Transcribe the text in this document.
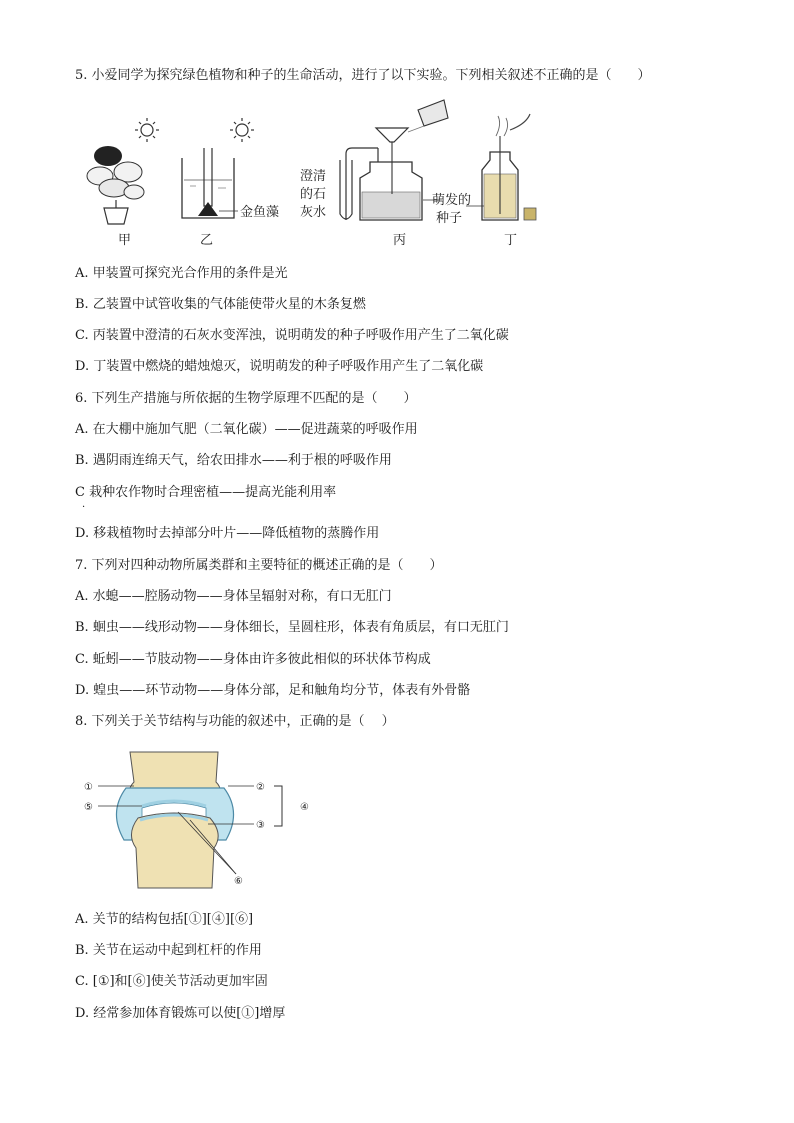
5. 小爱同学为探究绿色植物和种子的生命活动，进行了以下实验。下列相关叙述不正确的是（　　）
金鱼藻
澄清
的石
灰水
萌发的
种子
甲	乙	丙	丁
A. 甲装置可探究光合作用的条件是光
B. 乙装置中试管收集的气体能使带火星的木条复燃
C. 丙装置中澄清的石灰水变浑浊，说明萌发的种子呼吸作用产生了二氧化碳
D. 丁装置中燃烧的蜡烛熄灭，说明萌发的种子呼吸作用产生了二氧化碳
6. 下列生产措施与所依据的生物学原理不匹配的是（　　）
A. 在大棚中施加气肥（二氧化碳）——促进蔬菜的呼吸作用
B. 遇阴雨连绵天气，给农田排水——利于根的呼吸作用
C 栽种农作物时合理密植——提高光能利用率
·
D. 移栽植物时去掉部分叶片——降低植物的蒸腾作用
7. 下列对四种动物所属类群和主要特征的概述正确的是（　　）
A. 水螅——腔肠动物——身体呈辐射对称，有口无肛门
B. 蛔虫——线形动物——身体细长，呈圆柱形，体表有角质层，有口无肛门
C. 蚯蚓——节肢动物——身体由许多彼此相似的环状体节构成
D. 蝗虫——环节动物——身体分部，足和触角均分节，体表有外骨骼
8. 下列关于关节结构与功能的叙述中，正确的是（　 ）
①	②
③
④
⑤
⑥
A. 关节的结构包括[①][④][⑥]
B. 关节在运动中起到杠杆的作用
C. [①]和[⑥]使关节活动更加牢固
D. 经常参加体育锻炼可以使[①]增厚
